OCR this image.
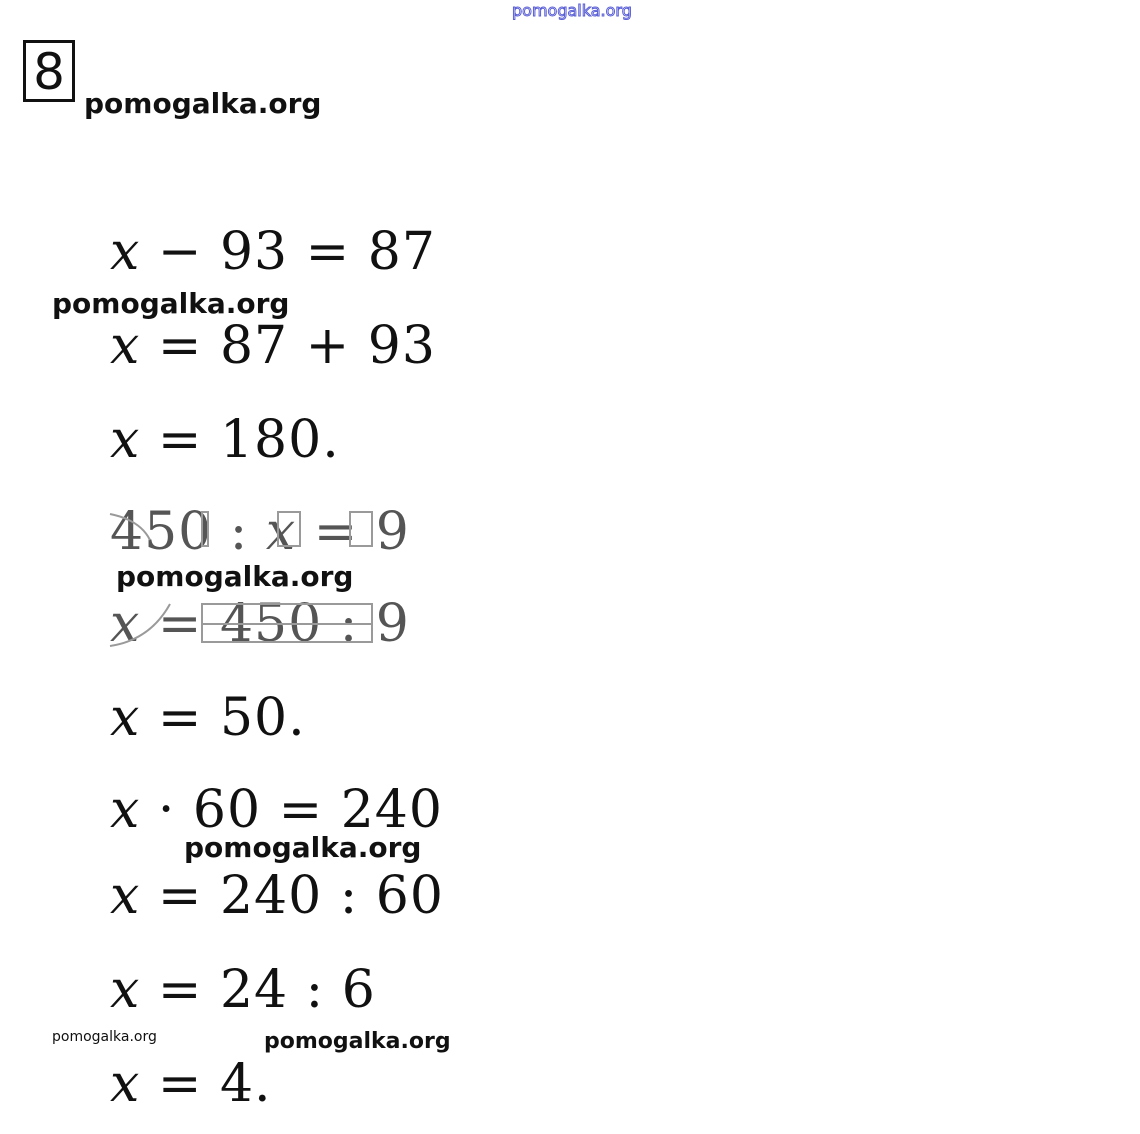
pomogalka.org
8
pomogalka.org
pomogalka.org
pomogalka.org
pomogalka.org
pomogalka.org
pomogalka.org
x − 93 = 87
x = 87 + 93
x = 180.
450 : x = 9
x = 450 : 9
x = 50.
x · 60 = 240
x = 240 : 60
x = 24 : 6
x = 4.
